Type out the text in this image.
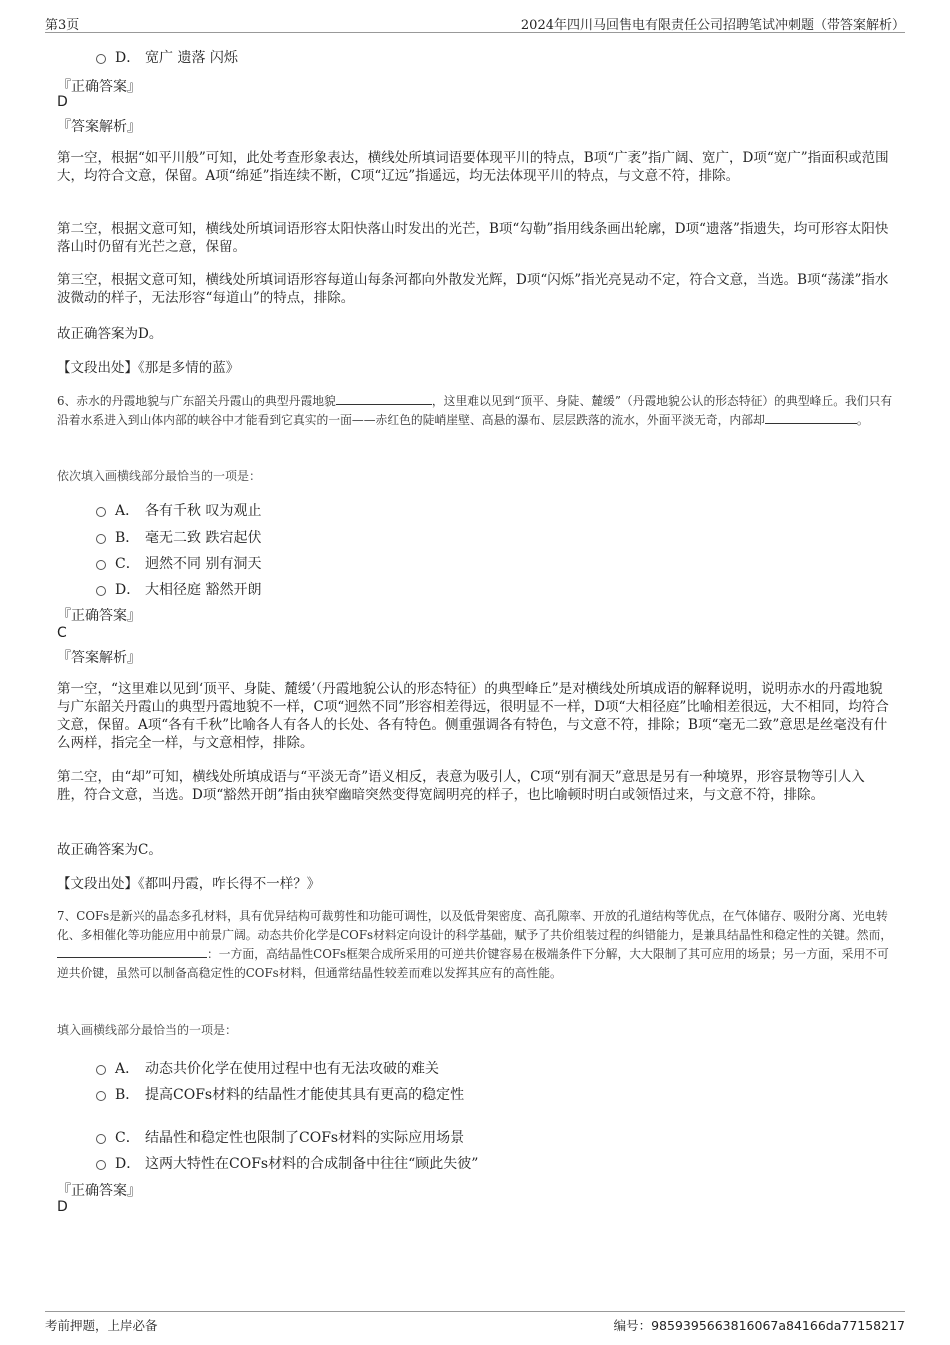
第3页	2024年四川马回售电有限责任公司招聘笔试冲刺题（带答案解析）
D． 宽广 遗落 闪烁
『正确答案』
D
『答案解析』
第一空，根据“如平川般”可知，此处考查形象表达，横线处所填词语要体现平川的特点，B项“广袤”指广阔、宽广，D项“宽广”指面积或范围大，均符合文意，保留。A项“绵延”指连续不断，C项“辽远”指遥远，均无法体现平川的特点，与文意不符，排除。
第二空，根据文意可知，横线处所填词语形容太阳快落山时发出的光芒，B项“勾勒”指用线条画出轮廓，D项“遗落”指遗失，均可形容太阳快落山时仍留有光芒之意，保留。
第三空，根据文意可知，横线处所填词语形容每道山每条河都向外散发光辉，D项“闪烁”指光亮晃动不定，符合文意，当选。B项“荡漾”指水波微动的样子，无法形容“每道山”的特点，排除。
故正确答案为D。
【文段出处】《那是多情的蓝》
6、赤水的丹霞地貌与广东韶关丹霞山的典型丹霞地貌	，这里难以见到“顶平、身陡、麓缓”（丹霞地貌公认的形态特征）的典型峰丘。我们只有沿着水系进入到山体内部的峡谷中才能看到它真实的一面——赤红色的陡峭崖壁、高悬的瀑布、层层跌落的流水，外面平淡无奇，内部却	。
依次填入画横线部分最恰当的一项是：
A． 各有千秋 叹为观止
B． 毫无二致 跌宕起伏
C． 迥然不同 别有洞天
D． 大相径庭 豁然开朗
『正确答案』
C
『答案解析』
第一空，“这里难以见到‘顶平、身陡、麓缓’（丹霞地貌公认的形态特征）的典型峰丘”是对横线处所填成语的解释说明，说明赤水的丹霞地貌与广东韶关丹霞山的典型丹霞地貌不一样，C项“迥然不同”形容相差得远，很明显不一样，D项“大相径庭”比喻相差很远，大不相同，均符合文意，保留。A项“各有千秋”比喻各人有各人的长处、各有特色。侧重强调各有特色，与文意不符，排除；B项“毫无二致”意思是丝毫没有什么两样，指完全一样，与文意相悖，排除。
第二空，由“却”可知，横线处所填成语与“平淡无奇”语义相反，表意为吸引人，C项“别有洞天”意思是另有一种境界，形容景物等引人入胜，符合文意，当选。D项“豁然开朗”指由狭窄幽暗突然变得宽阔明亮的样子，也比喻顿时明白或领悟过来，与文意不符，排除。
故正确答案为C。
【文段出处】《都叫丹霞，咋长得不一样？》
7、COFs是新兴的晶态多孔材料，具有优异结构可裁剪性和功能可调性，以及低骨架密度、高孔隙率、开放的孔道结构等优点，在气体储存、吸附分离、光电转化、多相催化等功能应用中前景广阔。动态共价化学是COFs材料定向设计的科学基础，赋予了共价组装过程的纠错能力，是兼具结晶性和稳定性的关键。然而，：一方面，高结晶性COFs框架合成所采用的可逆共价键容易在极端条件下分解，大大限制了其可应用的场景；另一方面，采用不可逆共价键，虽然可以制备高稳定性的COFs材料，但通常结晶性较差而难以发挥其应有的高性能。
填入画横线部分最恰当的一项是：
A． 动态共价化学在使用过程中也有无法攻破的难关
B． 提高COFs材料的结晶性才能使其具有更高的稳定性
C． 结晶性和稳定性也限制了COFs材料的实际应用场景
D． 这两大特性在COFs材料的合成制备中往往“顾此失彼”
『正确答案』
D
考前押题，上岸必备	编号：9859395663816067a84166da77158217
